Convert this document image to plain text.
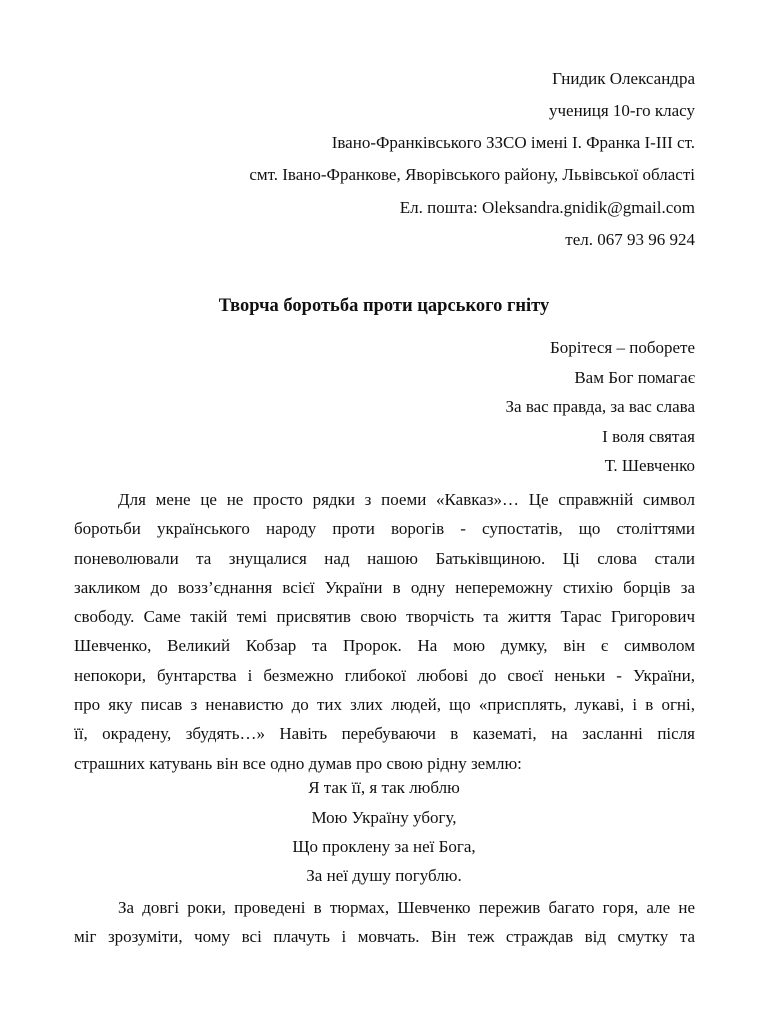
Гнидик Олександра
учениця 10-го класу
Івано-Франківського ЗЗСО імені І. Франка І-ІІІ ст.
смт. Івано-Франкове, Яворівського району, Львівської області
Ел. пошта: Oleksandra.gnidik@gmail.com
тел. 067 93 96 924
Творча боротьба проти царського гніту
Борітеся – поборете
Вам Бог помагає
За вас правда, за вас слава
І воля святая
Т. Шевченко
Для мене це не просто рядки з поеми «Кавказ»… Це справжній символ
боротьби українського народу проти ворогів - супостатів, що століттями
поневолювали та знущалися над нашою Батьківщиною. Ці слова стали
закликом до возз’єднання всієї України в одну непереможну стихію борців за
свободу. Саме такій темі присвятив свою творчість та життя Тарас Григорович
Шевченко, Великий Кобзар та Пророк. На мою думку, він є символом
непокори, бунтарства і безмежно глибокої любові до своєї неньки - України,
про яку писав з ненавистю до тих злих людей, що «присплять, лукаві, і в огні,
її, окрадену, збудять…» Навіть перебуваючи в казематі, на засланні після
страшних катувань він все одно думав про свою рідну землю:
Я так її, я так люблю
Мою Україну убогу,
Що проклену за неї Бога,
За неї душу погублю.
За довгі роки, проведені в тюрмах, Шевченко пережив багато горя, але не
міг зрозуміти, чому всі плачуть і мовчать. Він теж страждав від смутку та
